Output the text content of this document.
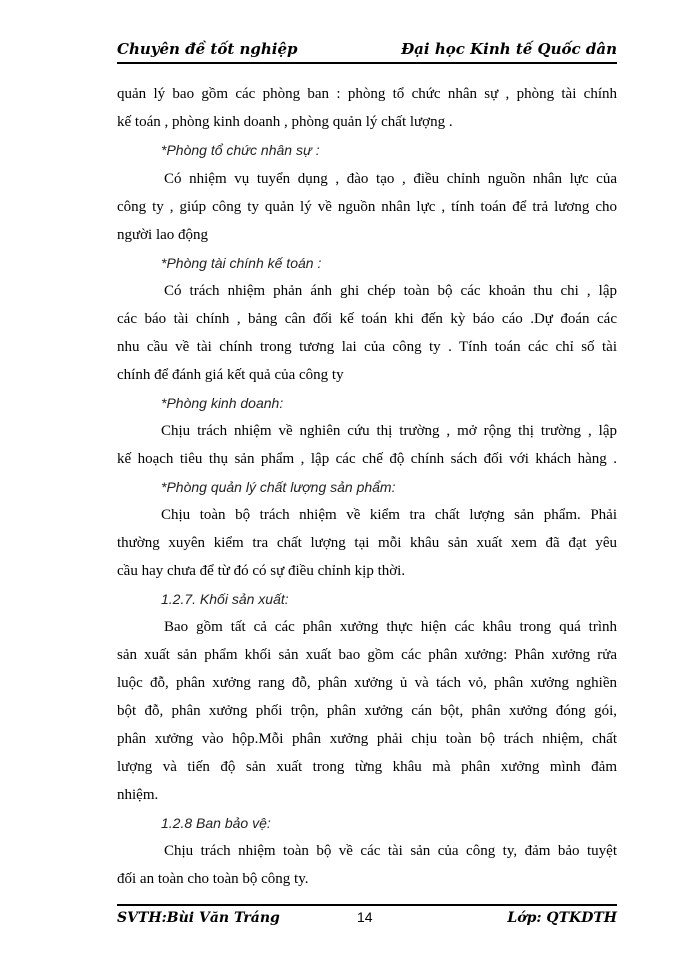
Chuyên đề tốt nghiệp	Đại học Kinh tế Quốc dân
quản lý bao gồm các phòng ban : phòng tổ chức nhân sự , phòng tài chính
kế toán , phòng kinh doanh , phòng quản lý chất lượng .
*Phòng tổ chức nhân sự :
Có nhiệm vụ tuyển dụng , đào tạo , điều chỉnh nguồn nhân lực của
công ty , giúp công ty quản lý về nguồn nhân lực , tính toán để trả lương cho
người lao động
*Phòng tài chính kế toán :
Có trách nhiệm phản ánh ghi chép toàn bộ các khoản thu chi , lập
các báo tài chính , bảng cân đối kế toán khi đến kỳ báo cáo .Dự đoán các
nhu cầu về tài chính trong tương lai của công ty . Tính toán các chỉ số tài
chính để đánh giá kết quả của công ty
*Phòng kinh doanh:
Chịu trách nhiệm về nghiên cứu thị trường , mở rộng thị trường , lập
kế hoạch tiêu thụ sản phẩm , lập các chế độ chính sách đối với khách hàng .
*Phòng quản lý chất lượng sản phẩm:
Chịu toàn bộ trách nhiệm về kiểm tra chất lượng sản phẩm. Phải
thường xuyên kiểm tra chất lượng tại mỗi khâu sản xuất xem đã đạt yêu
cầu hay chưa để từ đó có sự điều chỉnh kịp thời.
1.2.7. Khối sản xuất:
Bao gồm tất cả các phân xưởng thực hiện các khâu trong quá trình
sản xuất sản phẩm khối sản xuất bao gồm các phân xưởng: Phân xưởng rửa
luộc đỗ, phân xưởng rang đỗ, phân xưởng ủ và tách vỏ, phân xưởng nghiền
bột đỗ, phân xưởng phối trộn, phân xưởng cán bột, phân xưởng đóng gói,
phân xưởng vào hộp.Mỗi phân xưởng phải chịu toàn bộ trách nhiệm, chất
lượng và tiến độ sản xuất trong từng khâu mà phân xưởng mình đảm
nhiệm.
1.2.8 Ban bảo vệ:
Chịu trách nhiệm toàn bộ về các tài sản của công ty, đảm bảo tuyệt
đối an toàn cho toàn bộ công ty.
SVTH:Bùi Văn Tráng	14	Lớp: QTKDTH
